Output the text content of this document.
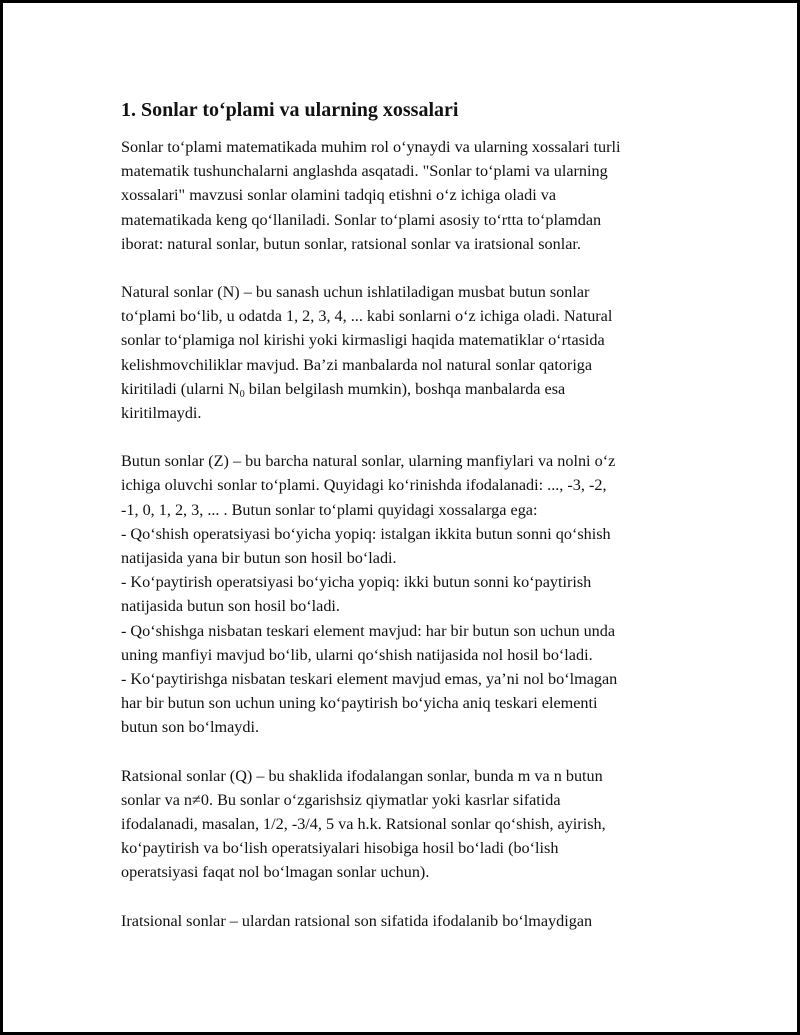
1. Sonlar to‘plami va ularning xossalari
Sonlar to‘plami matematikada muhim rol o‘ynaydi va ularning xossalari turli
matematik tushunchalarni anglashda asqatadi. "Sonlar to‘plami va ularning
xossalari" mavzusi sonlar olamini tadqiq etishni o‘z ichiga oladi va
matematikada keng qo‘llaniladi. Sonlar to‘plami asosiy to‘rtta to‘plamdan
iborat: natural sonlar, butun sonlar, ratsional sonlar va iratsional sonlar.
Natural sonlar (N) – bu sanash uchun ishlatiladigan musbat butun sonlar
to‘plami bo‘lib, u odatda 1, 2, 3, 4, ... kabi sonlarni o‘z ichiga oladi. Natural
sonlar to‘plamiga nol kirishi yoki kirmasligi haqida matematiklar o‘rtasida
kelishmovchiliklar mavjud. Ba’zi manbalarda nol natural sonlar qatoriga
kiritiladi (ularni $N_0$ bilan belgilash mumkin), boshqa manbalarda esa
kiritilmaydi.
Butun sonlar (Z) – bu barcha natural sonlar, ularning manfiylari va nolni o‘z
ichiga oluvchi sonlar to‘plami. Quyidagi ko‘rinishda ifodalanadi: ..., -3, -2,
-1, 0, 1, 2, 3, ... . Butun sonlar to‘plami quyidagi xossalarga ega:
- Qo‘shish operatsiyasi bo‘yicha yopiq: istalgan ikkita butun sonni qo‘shish
natijasida yana bir butun son hosil bo‘ladi.
- Ko‘paytirish operatsiyasi bo‘yicha yopiq: ikki butun sonni ko‘paytirish
natijasida butun son hosil bo‘ladi.
- Qo‘shishga nisbatan teskari element mavjud: har bir butun son uchun unda
uning manfiyi mavjud bo‘lib, ularni qo‘shish natijasida nol hosil bo‘ladi.
- Ko‘paytirishga nisbatan teskari element mavjud emas, ya’ni nol bo‘lmagan
har bir butun son uchun uning ko‘paytirish bo‘yicha aniq teskari elementi
butun son bo‘lmaydi.
Ratsional sonlar (Q) – bu shaklida ifodalangan sonlar, bunda m va n butun
sonlar va n≠0. Bu sonlar o‘zgarishsiz qiymatlar yoki kasrlar sifatida
ifodalanadi, masalan, 1/2, -3/4, 5 va h.k. Ratsional sonlar qo‘shish, ayirish,
ko‘paytirish va bo‘lish operatsiyalari hisobiga hosil bo‘ladi (bo‘lish
operatsiyasi faqat nol bo‘lmagan sonlar uchun).
Iratsional sonlar – ulardan ratsional son sifatida ifodalanib bo‘lmaydigan
